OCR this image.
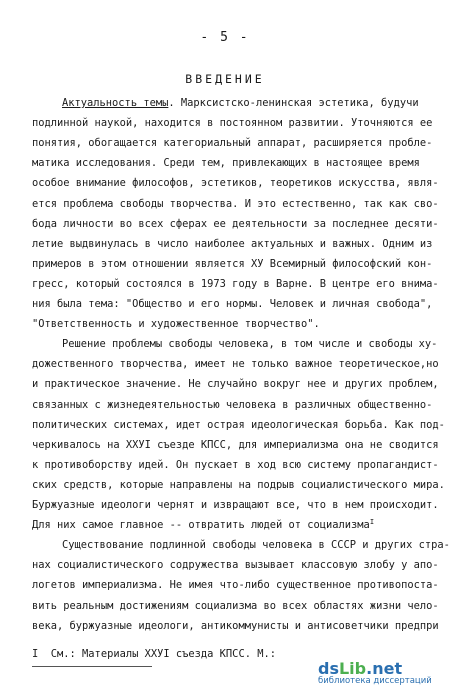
- 5 -
ВВЕДЕНИЕ
Актуальность темы. Марксистско-ленинская эстетика, будучи
подлинной наукой, находится в постоянном развитии. Уточняются ее
понятия, обогащается категориальный аппарат, расширяется пробле-
матика исследования. Среди тем, привлекающих в настоящее время
особое внимание философов, эстетиков, теоретиков искусства, явля-
ется проблема свободы творчества. И это естественно, так как сво-
бода личности во всех сферах ее деятельности за последнее десяти-
летие выдвинулась в число наиболее актуальных и важных. Одним из
примеров в этом отношении является ХУ Всемирный философский кон-
гресс, который состоялся в 1973 году в Варне. В центре его внима-
ния была тема: "Общество и его нормы. Человек и личная свобода",
"Ответственность и художественное творчество".
Решение проблемы свободы человека, в том числе и свободы ху-
дожественного творчества, имеет не только важное теоретическое,но
и практическое значение. Не случайно вокруг нее и других проблем,
связанных с жизнедеятельностью человека в различных общественно-
политических системах, идет острая идеологическая борьба. Как под-
черкивалось на ХХУI съезде КПСС, для империализма она не сводится
к противоборству идей. Он пускает в ход всю систему пропагандист-
ских средств, которые направлены на подрыв социалистического мира.
Буржуазные идеологи чернят и извращают все, что в нем происходит.
Для них самое главное -- отвратить людей от социализма$^I$
Существование подлинной свободы человека в СССР и других стра-
нах социалистического содружества вызывает классовую злобу у апо-
логетов империализма. Не имея что-либо существенное противопоста-
вить реальным достижениям социализма во всех областях жизни чело-
века, буржуазные идеологи, антикоммунисты и антисоветчики предпри
I  См.: Материалы ХХУI съезда КПСС. М.:
dsLib.net
библиотека диссертаций
